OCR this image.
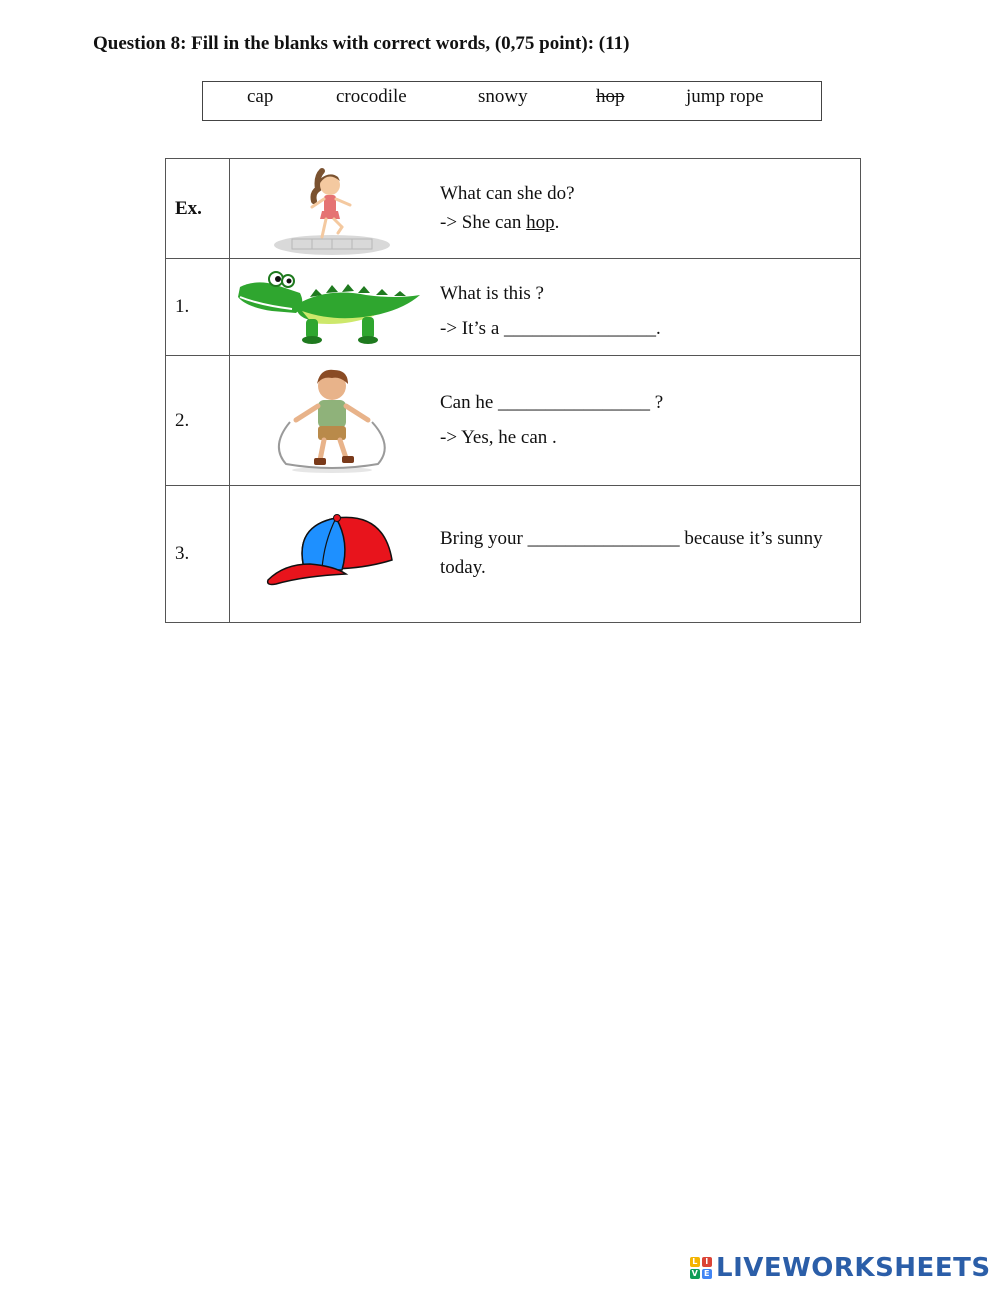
Question 8: Fill in the blanks with correct words, (0,75 point): (11)
cap	crocodile	snowy	hop	jump rope
Ex.	What can she do?
-> She can hop.

1.	What is this ?
-> It’s a ________________.

2.	Can he ________________ ?
-> Yes, he can .

3.	Bring your ________________ because it’s sunny today.
L I
V E LIVEWORKSHEETS
